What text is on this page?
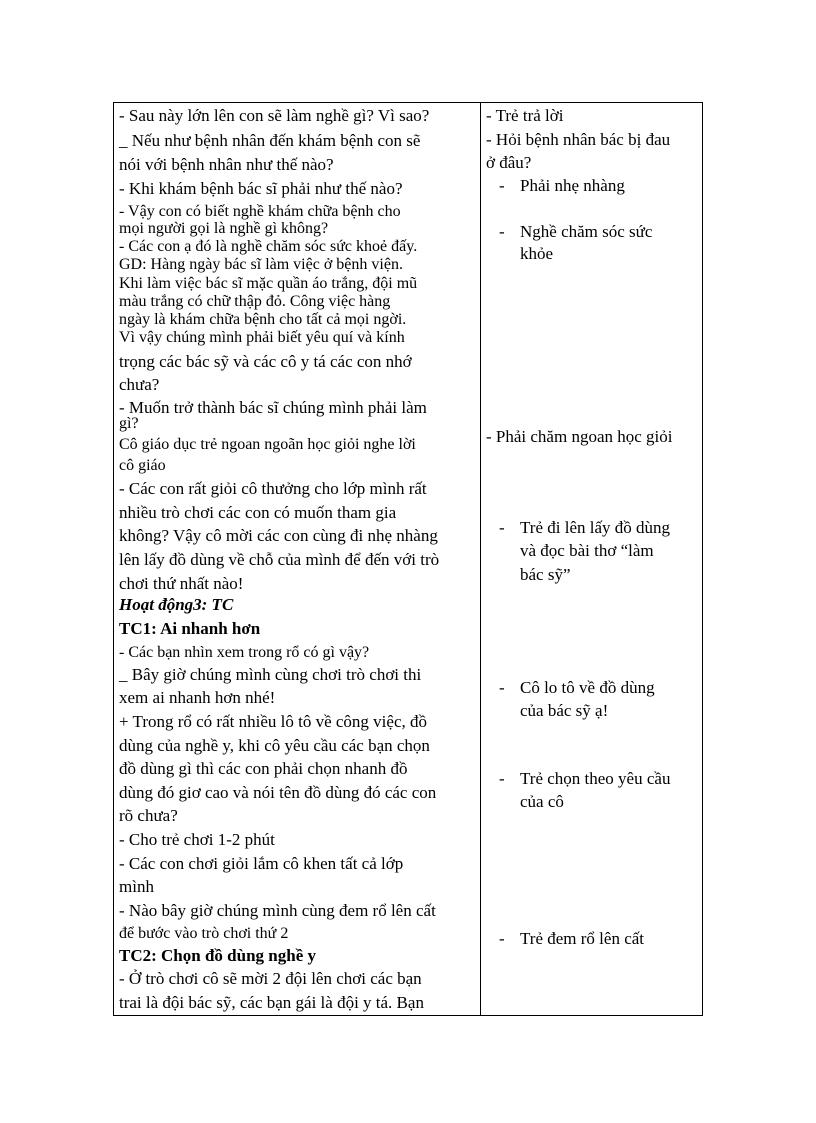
- Sau này lớn lên con sẽ làm nghề gì? Vì sao?
_ Nếu như bệnh nhân đến khám bệnh con sẽ
nói với bệnh nhân như thế nào?
- Khi khám bệnh bác sĩ phải như thế nào?
- Vậy con có biết nghề khám chữa bệnh cho
mọi người gọi là nghề gì không?
- Các con ạ đó là nghề chăm sóc sức khoẻ đấy.
GD: Hàng ngày bác sĩ làm việc ở bệnh viện.
Khi làm việc bác sĩ mặc quần áo trắng, đội mũ
màu trắng có chữ thập đỏ. Công việc hàng
ngày là khám chữa bệnh cho tất cả mọi ngời.
Vì vậy chúng mình phải biết yêu quí và kính
trọng các bác sỹ và các cô y tá các con nhớ
chưa?
- Muốn trở thành bác sĩ chúng mình phải làm
gì?
Cô giáo dục trẻ ngoan ngoãn học giỏi nghe lời
cô giáo
- Các con rất giỏi cô thưởng cho lớp mình rất
nhiều trò chơi các con có muốn tham gia
không? Vậy cô mời các con cùng đi nhẹ nhàng
lên lấy đồ dùng về chỗ của mình để đến với trò
chơi thứ nhất nào!
Hoạt động3: TC
TC1: Ai nhanh hơn
- Các bạn nhìn xem trong rổ có gì vậy?
_ Bây giờ chúng mình cùng chơi trò chơi thi
xem ai nhanh hơn nhé!
+ Trong rổ có rất nhiều lô tô về công việc, đồ
dùng của nghề y, khi cô yêu cầu các bạn chọn
đồ dùng gì thì các con phải chọn nhanh đồ
dùng đó giơ cao và nói tên đồ dùng đó các con
rõ chưa?
- Cho trẻ chơi 1-2 phút
- Các con chơi giỏi lắm cô khen tất cả lớp
mình
- Nào bây giờ chúng mình cùng đem rổ lên cất
để bước vào trò chơi thứ 2
TC2: Chọn đồ dùng nghề y
- Ở trò chơi cô sẽ mời 2 đội lên chơi các bạn
trai là đội bác sỹ, các bạn gái là đội y tá. Bạn
- Trẻ trả lời
- Hỏi bệnh nhân bác bị đau
ở đâu?
- Phải nhẹ nhàng
- Nghề chăm sóc sức
khỏe
- Phải chăm ngoan học giỏi
- Trẻ đi lên lấy đồ dùng
và đọc bài thơ “làm
bác sỹ”
- Cô lo tô về đồ dùng
của bác sỹ ạ!
- Trẻ chọn theo yêu cầu
của cô
- Trẻ đem rổ lên cất
